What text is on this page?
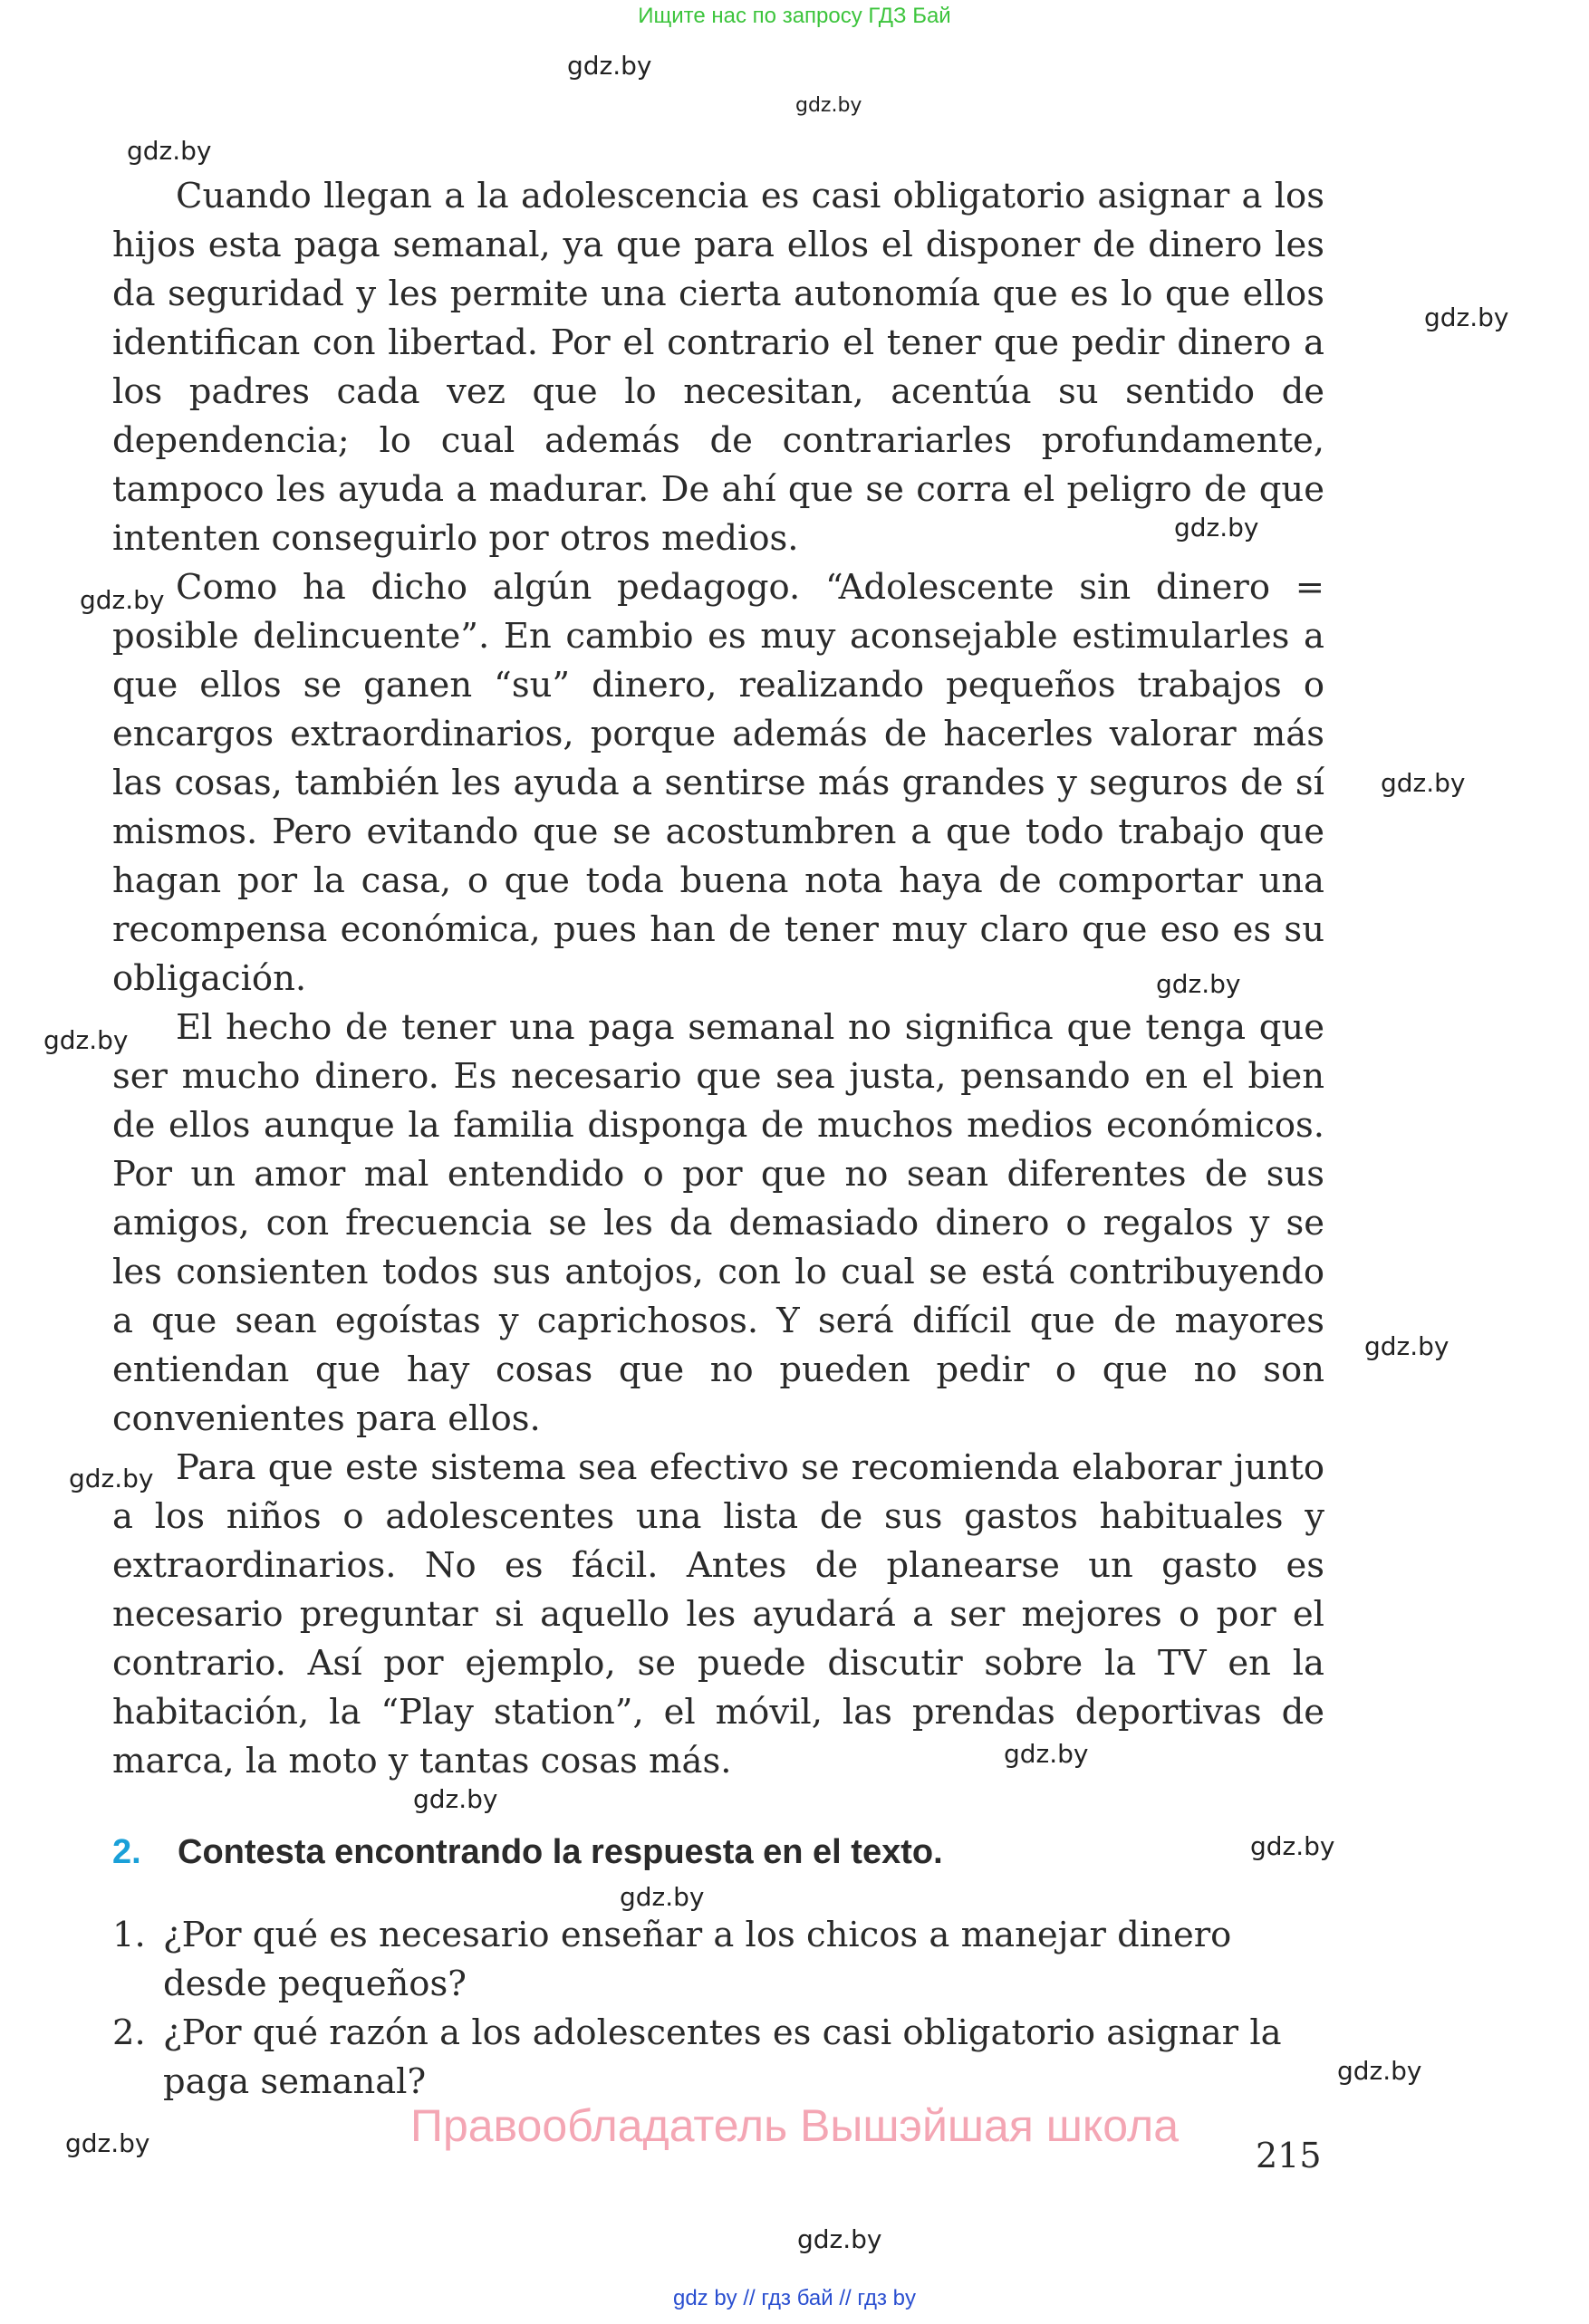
Ищите нас по запросу ГДЗ Бай
gdz.by
gdz.by
gdz.by
gdz.by
gdz.by
gdz.by
gdz.by
gdz.by
gdz.by
gdz.by
gdz.by
gdz.by
gdz.by
gdz.by
gdz.by
gdz.by
gdz.by
gdz.by

Cuando llegan a la adolescencia es casi obligatorio asignar a los hijos esta paga semanal, ya que para ellos el disponer de dinero les da seguridad y les permite una cierta autonomía que es lo que ellos identifican con libertad. Por el contrario el tener que pedir dinero a los padres cada vez que lo necesitan, acentúa su sentido de dependencia; lo cual además de contrariarles profundamente, tampoco les ayuda a madurar. De ahí que se corra el peligro de que intenten conseguirlo por otros medios.

Como ha dicho algún pedagogo. “Adolescente sin dinero = posible delincuente”. En cambio es muy aconsejable estimularles a que ellos se ganen “su” dinero, realizando pequeños trabajos o encargos extraordinarios, porque además de hacerles valorar más las cosas, también les ayuda a sentirse más grandes y seguros de sí mismos. Pero evitando que se acostumbren a que todo trabajo que hagan por la casa, o que toda buena nota haya de comportar una recompensa económica, pues han de tener muy claro que eso es su obligación.

El hecho de tener una paga semanal no significa que tenga que ser mucho dinero. Es necesario que sea justa, pensando en el bien de ellos aunque la familia disponga de muchos medios económicos. Por un amor mal entendido o por que no sean diferentes de sus amigos, con frecuencia se les da demasiado dinero o regalos y se les consienten todos sus antojos, con lo cual se está contribuyendo a que sean egoístas y caprichosos. Y será difícil que de mayores entiendan que hay cosas que no pueden pedir o que no son convenientes para ellos.

Para que este sistema sea efectivo se recomienda elaborar junto a los niños o adolescentes una lista de sus gastos habituales y extraordinarios. No es fácil. Antes de planearse un gasto es necesario preguntar si aquello les ayudará a ser mejores o por el contrario. Así por ejemplo, se puede discutir sobre la TV en la habitación, la “Play station”, el móvil, las prendas deportivas de marca, la moto y tantas cosas más.

2. Contesta encontrando la respuesta en el texto.
1. ¿Por qué es necesario enseñar a los chicos a manejar dinero desde pequeños?
2. ¿Por qué razón a los adolescentes es casi obligatorio asignar la paga semanal?
Правообладатель Вышэйшая школа
215
gdz by // гдз бай // гдз by
